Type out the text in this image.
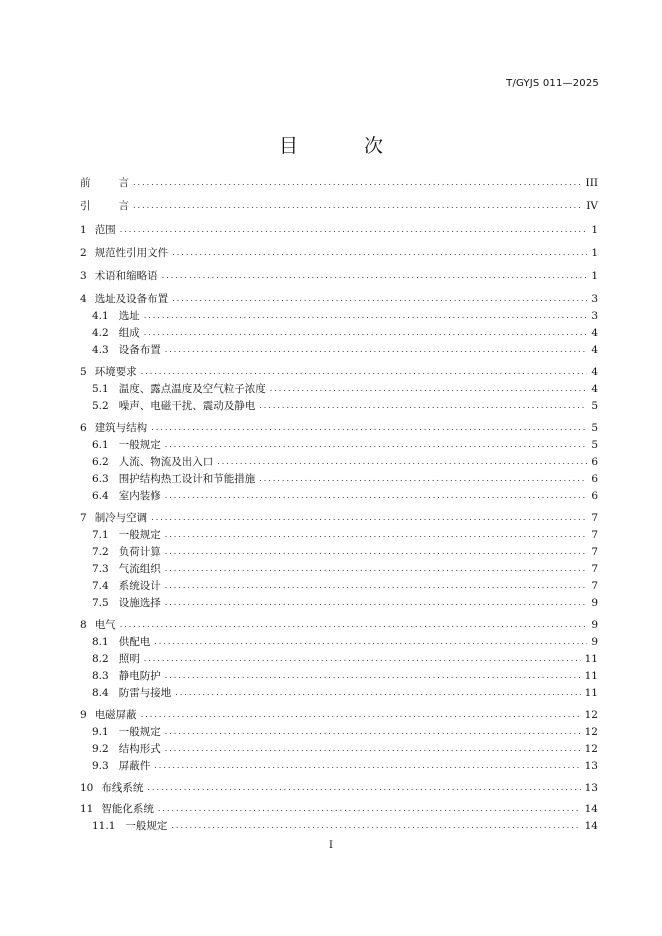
T/GYJS 011—2025
目 次
前	言 .....	III
引	言 .....	IV
1 范围 .....	1
2 规范性引用文件 .....	1
3 术语和缩略语 .....	1
4 选址及设备布置 .....	3
4.1 选址 .....	3
4.2 组成 .....	4
4.3 设备布置 .....	4
5 环境要求 .....	4
5.1 温度、露点温度及空气粒子浓度 .....	4
5.2 噪声、电磁干扰、震动及静电 .....	5
6 建筑与结构 .....	5
6.1 一般规定 .....	5
6.2 人流、物流及出入口 .....	6
6.3 围护结构热工设计和节能措施 .....	6
6.4 室内装修 .....	6
7 制冷与空调 .....	7
7.1 一般规定 .....	7
7.2 负荷计算 .....	7
7.3 气流组织 .....	7
7.4 系统设计 .....	7
7.5 设施选择 .....	9
8 电气 .....	9
8.1 供配电 .....	9
8.2 照明 .....	11
8.3 静电防护 .....	11
8.4 防雷与接地 .....	11
9 电磁屏蔽 .....	12
9.1 一般规定 .....	12
9.2 结构形式 .....	12
9.3 屏蔽件 .....	13
10 布线系统 .....	13
11 智能化系统 .....	14
11.1 一般规定 .....	14
I
